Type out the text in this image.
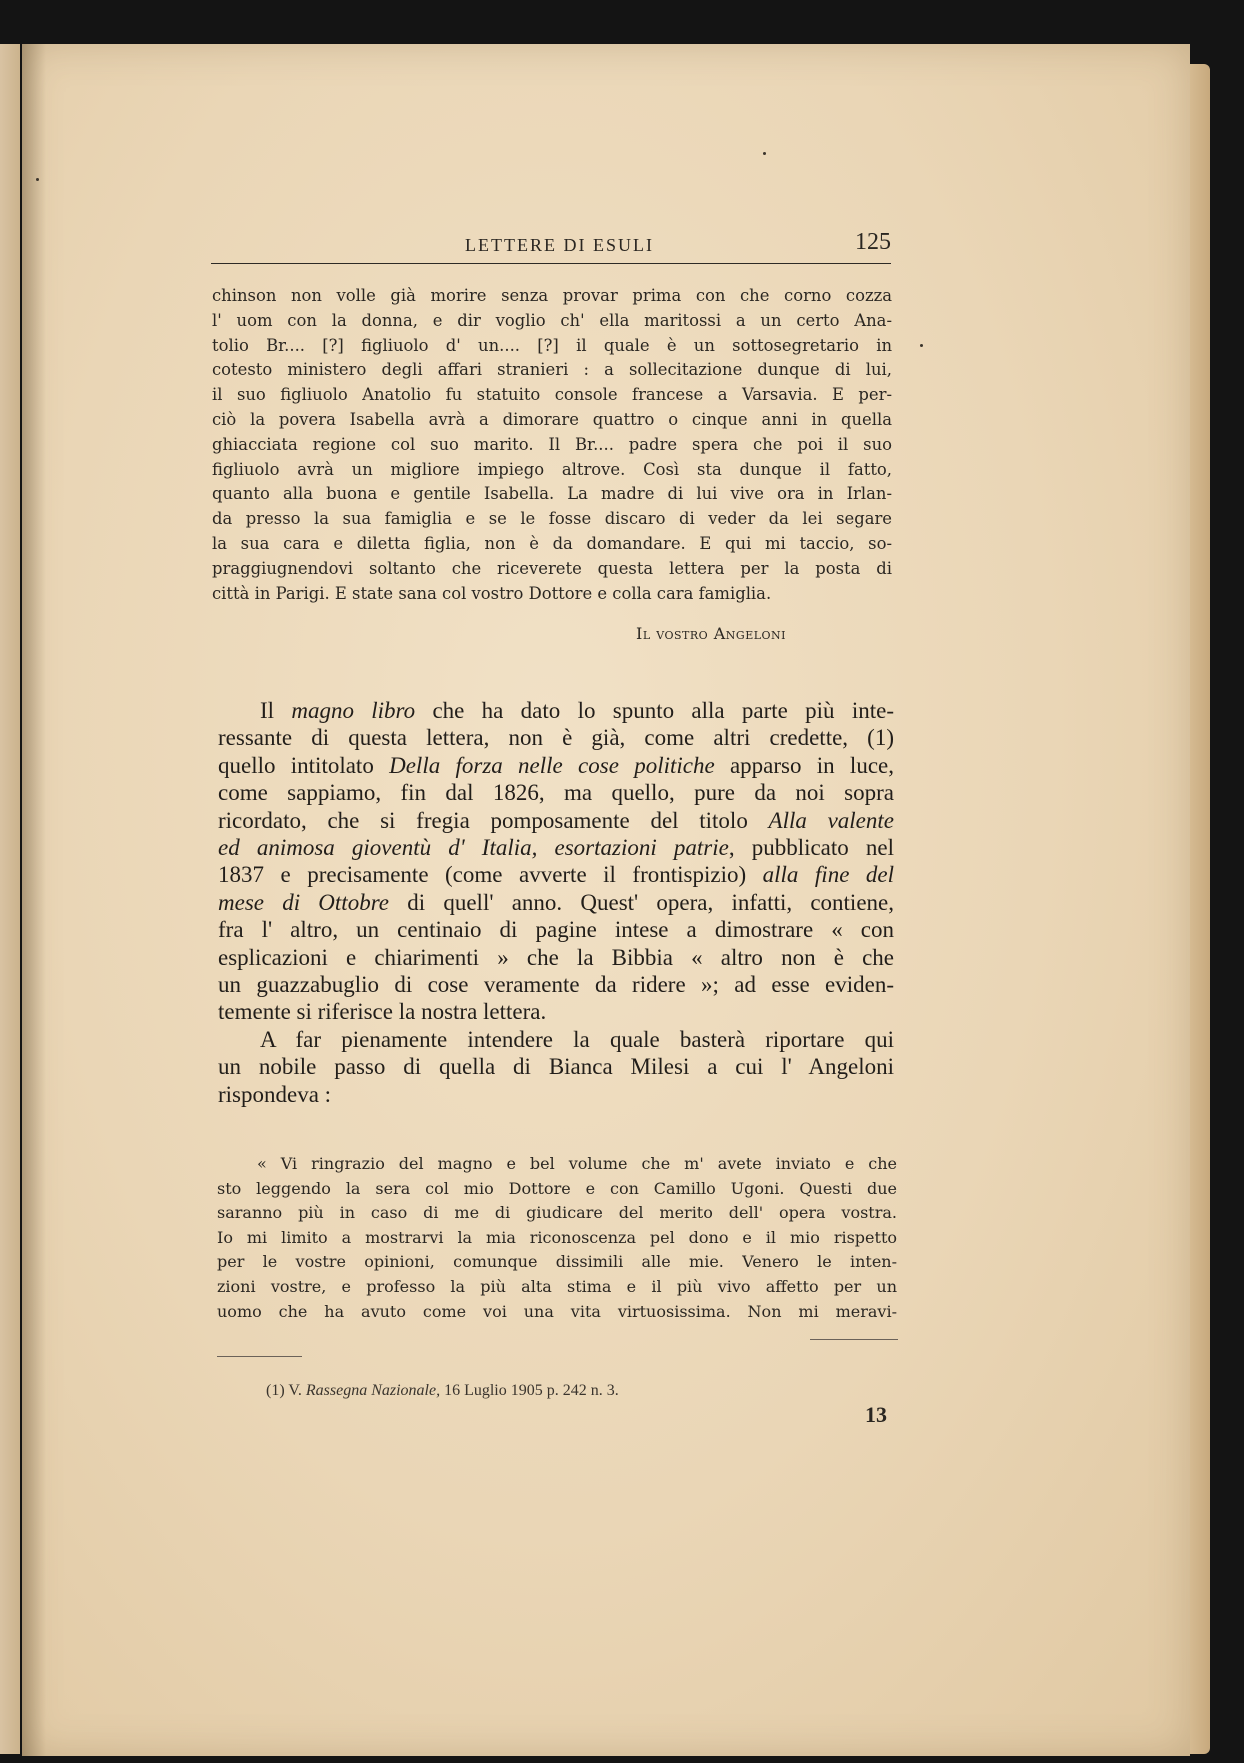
LETTERE DI ESULI	125
chinson non volle già morire senza provar prima con che corno cozza
l' uom con la donna, e dir voglio ch' ella maritossi a un certo Ana-
tolio Br.... [?] figliuolo d' un.... [?] il quale è un sottosegretario in
cotesto ministero degli affari stranieri : a sollecitazione dunque di lui,
il suo figliuolo Anatolio fu statuito console francese a Varsavia. E per-
ciò la povera Isabella avrà a dimorare quattro o cinque anni in quella
ghiacciata regione col suo marito. Il Br.... padre spera che poi il suo
figliuolo avrà un migliore impiego altrove. Così sta dunque il fatto,
quanto alla buona e gentile Isabella. La madre di lui vive ora in Irlan-
da presso la sua famiglia e se le fosse discaro di veder da lei segare
la sua cara e diletta figlia, non è da domandare. E qui mi taccio, so-
praggiugnendovi soltanto che riceverete questa lettera per la posta di
città in Parigi. E state sana col vostro Dottore e colla cara famiglia.
Il vostro Angeloni
Il magno libro che ha dato lo spunto alla parte più inte-
ressante di questa lettera, non è già, come altri credette, (1)
quello intitolato Della forza nelle cose politiche apparso in luce,
come sappiamo, fin dal 1826, ma quello, pure da noi sopra
ricordato, che si fregia pomposamente del titolo Alla valente
ed animosa gioventù d' Italia, esortazioni patrie, pubblicato nel
1837 e precisamente (come avverte il frontispizio) alla fine del
mese di Ottobre di quell' anno. Quest' opera, infatti, contiene,
fra l' altro, un centinaio di pagine intese a dimostrare « con
esplicazioni e chiarimenti » che la Bibbia « altro non è che
un guazzabuglio di cose veramente da ridere »; ad esse eviden-
temente si riferisce la nostra lettera.
A far pienamente intendere la quale basterà riportare qui
un nobile passo di quella di Bianca Milesi a cui l' Angeloni
rispondeva :
« Vi ringrazio del magno e bel volume che m' avete inviato e che
sto leggendo la sera col mio Dottore e con Camillo Ugoni. Questi due
saranno più in caso di me di giudicare del merito dell' opera vostra.
Io mi limito a mostrarvi la mia riconoscenza pel dono e il mio rispetto
per le vostre opinioni, comunque dissimili alle mie. Venero le inten-
zioni vostre, e professo la più alta stima e il più vivo affetto per un
uomo che ha avuto come voi una vita virtuosissima. Non mi meravi-
(1) V. Rassegna Nazionale, 16 Luglio 1905 p. 242 n. 3.
13
